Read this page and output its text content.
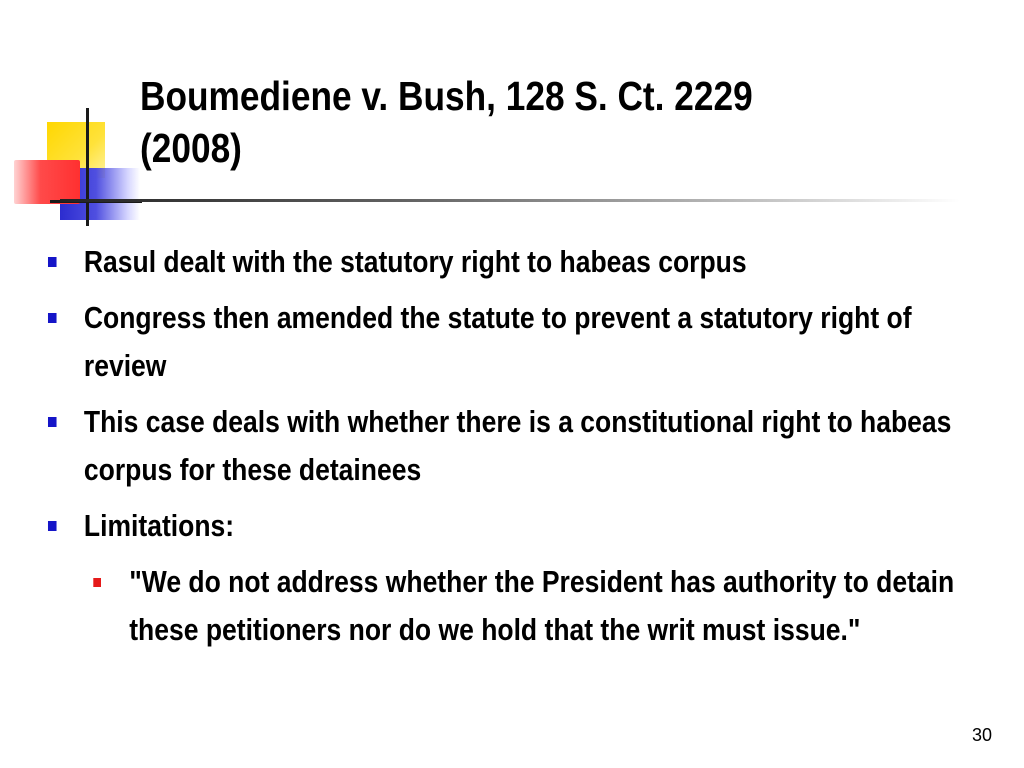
Boumediene v. Bush, 128 S. Ct. 2229 (2008)
Rasul dealt with the statutory right to habeas corpus
Congress then amended the statute to prevent a statutory right of review
This case deals with whether there is a constitutional right to habeas corpus for these detainees
Limitations:
"We do not address whether the President has authority to detain these petitioners nor do we hold that the writ must issue."
30
